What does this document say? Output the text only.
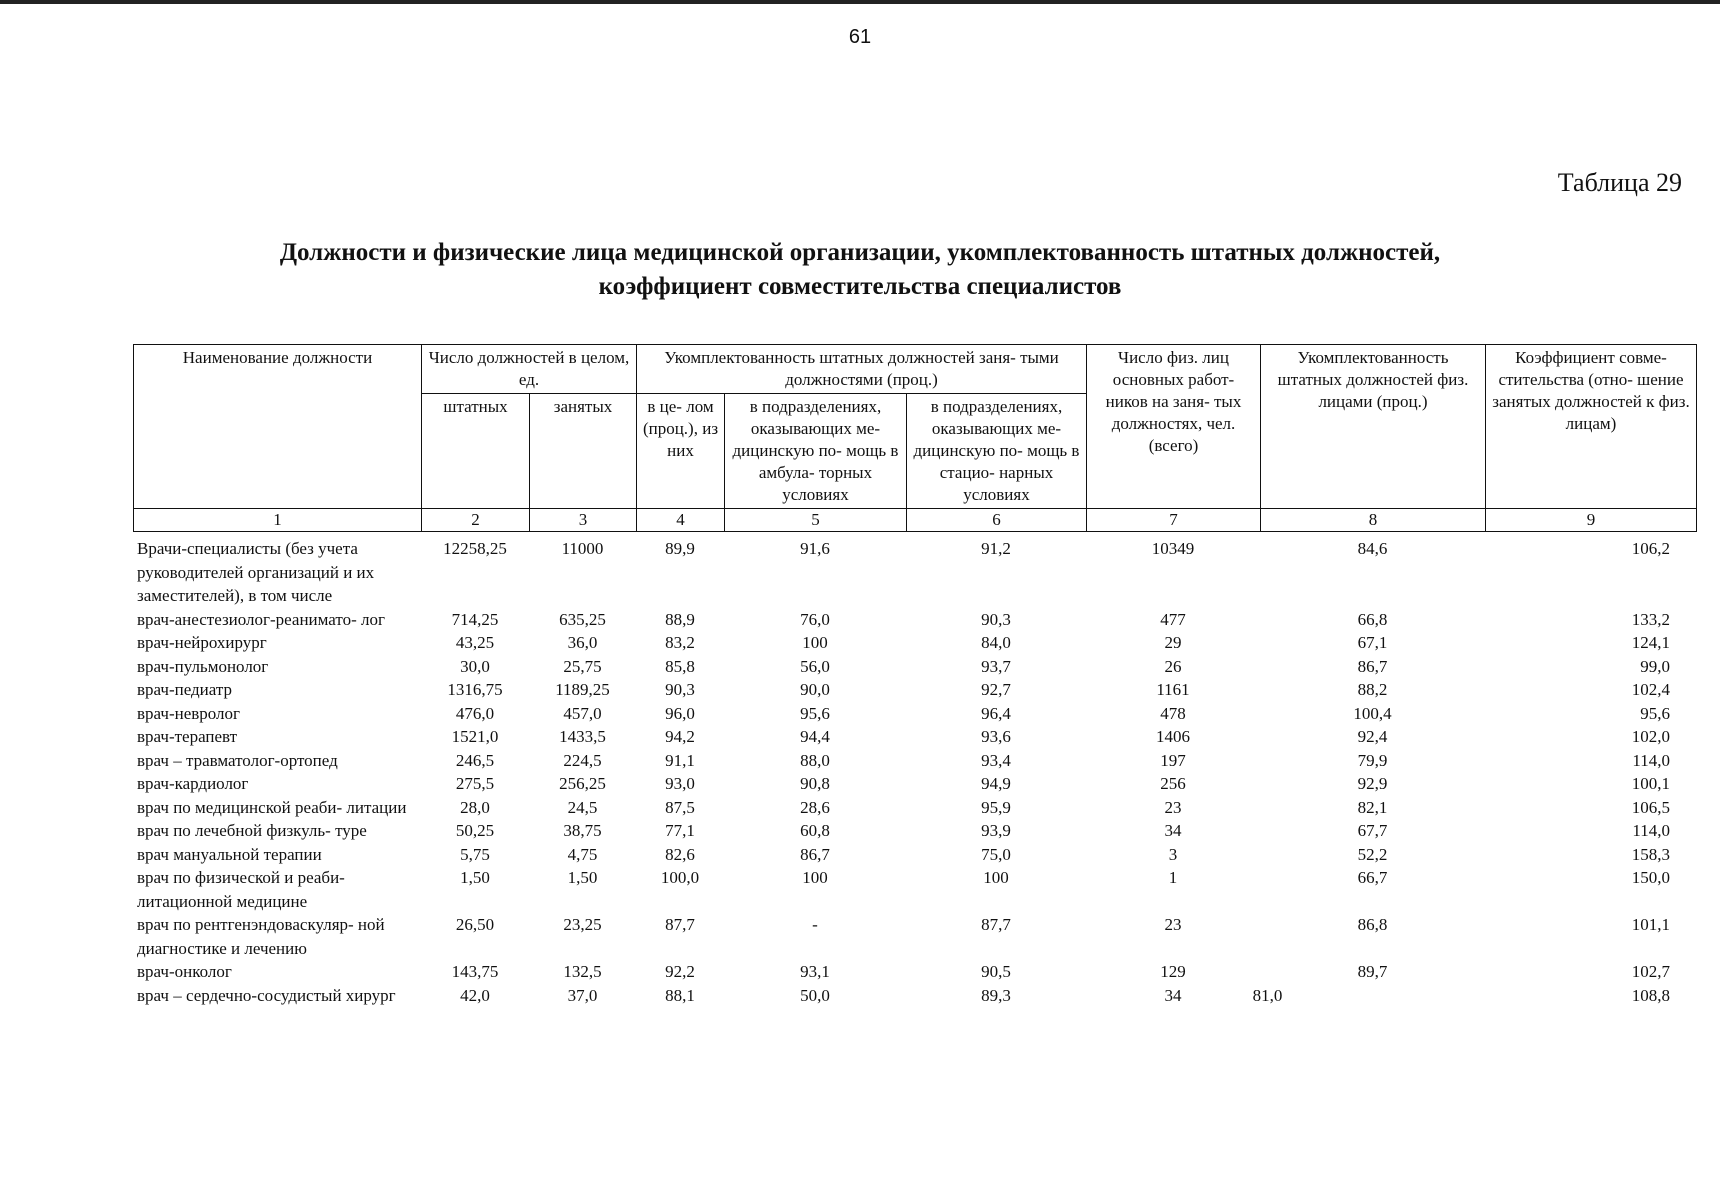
61
Таблица 29
Должности и физические лица медицинской организации, укомплектованность штатных должностей,
коэффициент совместительства специалистов
Наименование должности	Число должностей в целом, ед.		Укомплектованность штатных должностей заня- тыми должностями (проц.)			Число физ. лиц основных работ- ников на заня- тых должностях, чел. (всего)	Укомплектованность штатных должностей физ. лицами (проц.)	Коэффициент совме- стительства (отно- шение занятых должностей к физ. лицам)
	штатных	занятых	в це- лом (проц.), из них	в подразделениях, оказывающих ме- дицинскую по- мощь в амбула- торных условиях	в подразделениях, оказывающих ме- дицинскую по- мощь в стацио- нарных условиях			
1	2	3	4	5	6	7	8	9
Врачи-специалисты (без учета руководителей организаций и их заместителей), в том числе	12258,25	11000	89,9	91,6	91,2	10349	84,6	106,2
врач-анестезиолог-реанимато- лог	714,25	635,25	88,9	76,0	90,3	477	66,8	133,2
врач-нейрохирург	43,25	36,0	83,2	100	84,0	29	67,1	124,1
врач-пульмонолог	30,0	25,75	85,8	56,0	93,7	26	86,7	99,0
врач-педиатр	1316,75	1189,25	90,3	90,0	92,7	1161	88,2	102,4
врач-невролог	476,0	457,0	96,0	95,6	96,4	478	100,4	95,6
врач-терапевт	1521,0	1433,5	94,2	94,4	93,6	1406	92,4	102,0
врач – травматолог-ортопед	246,5	224,5	91,1	88,0	93,4	197	79,9	114,0
врач-кардиолог	275,5	256,25	93,0	90,8	94,9	256	92,9	100,1
врач по медицинской реаби- литации	28,0	24,5	87,5	28,6	95,9	23	82,1	106,5
врач по лечебной физкуль- туре	50,25	38,75	77,1	60,8	93,9	34	67,7	114,0
врач мануальной терапии	5,75	4,75	82,6	86,7	75,0	3	52,2	158,3
врач по физической и реаби- литационной медицине	1,50	1,50	100,0	100	100	1	66,7	150,0
врач по рентгенэндоваскуляр- ной диагностике и лечению	26,50	23,25	87,7	-	87,7	23	86,8	101,1
врач-онколог	143,75	132,5	92,2	93,1	90,5	129	89,7	102,7
врач – сердечно-сосудистый хирург	42,0	37,0	88,1	50,0	89,3	34	81,0	108,8
